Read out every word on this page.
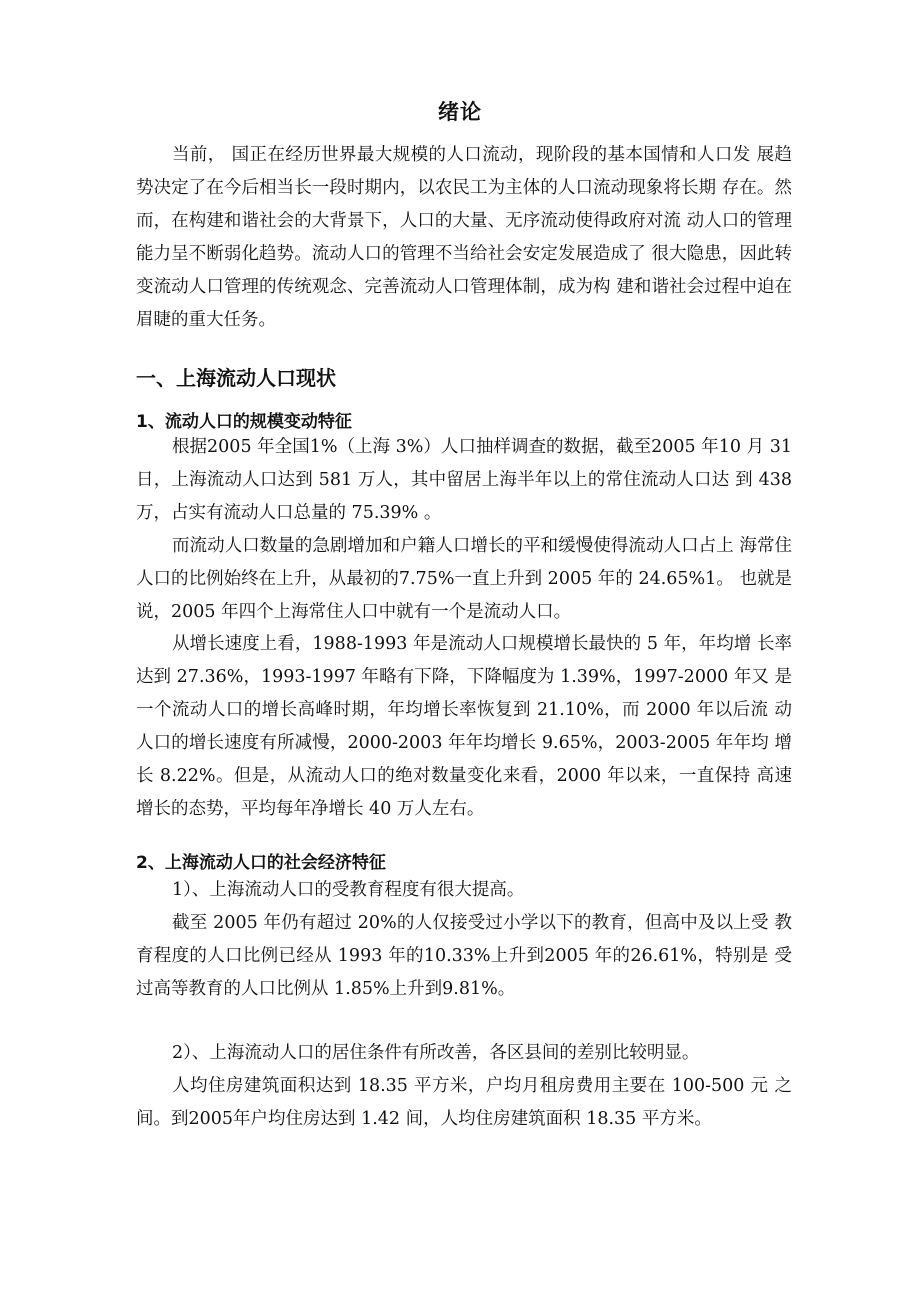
绪论

当前， 国正在经历世界最大规模的人口流动，现阶段的基本国情和人口发 展趋势决定了在今后相当长一段时期内，以农民工为主体的人口流动现象将长期 存在。然而，在构建和谐社会的大背景下，人口的大量、无序流动使得政府对流 动人口的管理能力呈不断弱化趋势。流动人口的管理不当给社会安定发展造成了 很大隐患，因此转变流动人口管理的传统观念、完善流动人口管理体制，成为构 建和谐社会过程中迫在眉睫的重大任务。

一、上海流动人口现状
1、流动人口的规模变动特征

根据2005 年全国1%（上海 3%）人口抽样调查的数据，截至2005 年10 月 31 日，上海流动人口达到 581 万人，其中留居上海半年以上的常住流动人口达 到 438 万，占实有流动人口总量的 75.39% 。

而流动人口数量的急剧增加和户籍人口增长的平和缓慢使得流动人口占上 海常住人口的比例始终在上升，从最初的7.75%一直上升到 2005 年的 24.65%1。 也就是说，2005 年四个上海常住人口中就有一个是流动人口。

从增长速度上看，1988-1993 年是流动人口规模增长最快的 5 年，年均增 长率达到 27.36%，1993-1997 年略有下降，下降幅度为 1.39%，1997-2000 年又 是一个流动人口的增长高峰时期，年均增长率恢复到 21.10%，而 2000 年以后流 动人口的增长速度有所减慢，2000-2003 年年均增长 9.65%，2003-2005 年年均 增长 8.22%。但是，从流动人口的绝对数量变化来看，2000 年以来，一直保持 高速增长的态势，平均每年净增长 40 万人左右。

2、上海流动人口的社会经济特征

1）、上海流动人口的受教育程度有很大提高。

截至 2005 年仍有超过 20%的人仅接受过小学以下的教育，但高中及以上受 教育程度的人口比例已经从 1993 年的10.33%上升到2005 年的26.61%，特别是 受过高等教育的人口比例从 1.85%上升到9.81%。

2）、上海流动人口的居住条件有所改善，各区县间的差别比较明显。

人均住房建筑面积达到 18.35 平方米，户均月租房费用主要在 100-500 元 之间。到2005年户均住房达到 1.42 间，人均住房建筑面积 18.35 平方米。
